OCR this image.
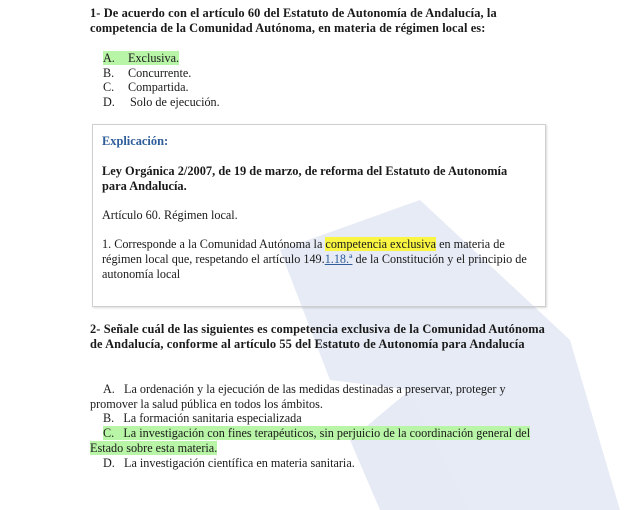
1- De acuerdo con el artículo 60 del Estatuto de Autonomía de Andalucía, la competencia de la Comunidad Autónoma, en materia de régimen local es:
A. Exclusiva.
B. Concurrente.
C. Compartida.
D. Solo de ejecución.
Explicación:
Ley Orgánica 2/2007, de 19 de marzo, de reforma del Estatuto de Autonomía para Andalucía.
Artículo 60. Régimen local.
1. Corresponde a la Comunidad Autónoma la competencia exclusiva en materia de régimen local que, respetando el artículo 149.1.18.ª de la Constitución y el principio de autonomía local
2- Señale cuál de las siguientes es competencia exclusiva de la Comunidad Autónoma de Andalucía, conforme al artículo 55 del Estatuto de Autonomía para Andalucía
A. La ordenación y la ejecución de las medidas destinadas a preservar, proteger y promover la salud pública en todos los ámbitos.
B. La formación sanitaria especializada
C. La investigación con fines terapéuticos, sin perjuicio de la coordinación general del Estado sobre esta materia.
D. La investigación científica en materia sanitaria.
